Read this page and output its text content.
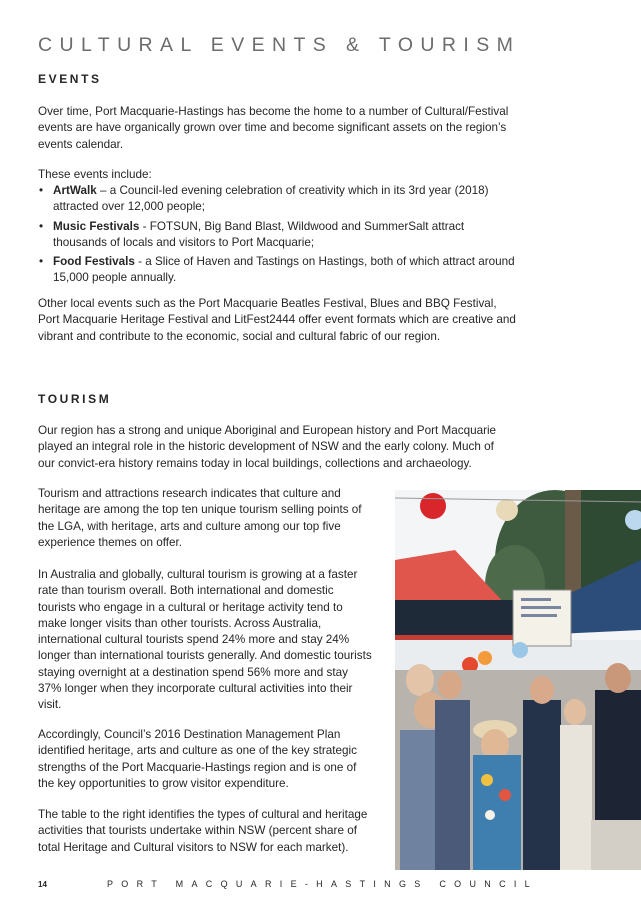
CULTURAL EVENTS & TOURISM
EVENTS

Over time, Port Macquarie-Hastings has become the home to a number of Cultural/Festival events are have organically grown over time and become significant assets on the region’s events calendar.

These events include:

• ArtWalk – a Council-led evening celebration of creativity which in its 3rd year (2018) attracted over 12,000 people;
• Music Festivals - FOTSUN, Big Band Blast, Wildwood and SummerSalt attract thousands of locals and visitors to Port Macquarie;
• Food Festivals - a Slice of Haven and Tastings on Hastings, both of which attract around 15,000 people annually.

Other local events such as the Port Macquarie Beatles Festival, Blues and BBQ Festival, Port Macquarie Heritage Festival and LitFest2444 offer event formats which are creative and vibrant and contribute to the economic, social and cultural fabric of our region.

TOURISM

Our region has a strong and unique Aboriginal and European history and Port Macquarie played an integral role in the historic development of NSW and the early colony. Much of our convict-era history remains today in local buildings, collections and archaeology.

Tourism and attractions research indicates that culture and heritage are among the top ten unique tourism selling points of the LGA, with heritage, arts and culture among our top five experience themes on offer.

In Australia and globally, cultural tourism is growing at a faster rate than tourism overall. Both international and domestic tourists who engage in a cultural or heritage activity tend to make longer visits than other tourists. Across Australia, international cultural tourists spend 24% more and stay 24% longer than international tourists generally. And domestic tourists staying overnight at a destination spend 56% more and stay 37% longer when they incorporate cultural activities into their visit.

Accordingly, Council’s 2016 Destination Management Plan identified heritage, arts and culture as one of the key strategic strengths of the Port Macquarie-Hastings region and is one of the key opportunities to grow visitor expenditure.

The table to the right identifies the types of cultural and heritage activities that tourists undertake within NSW (percent share of total Heritage and Cultural visitors to NSW for each market).

14	PORT MACQUARIE-HASTINGS COUNCIL
